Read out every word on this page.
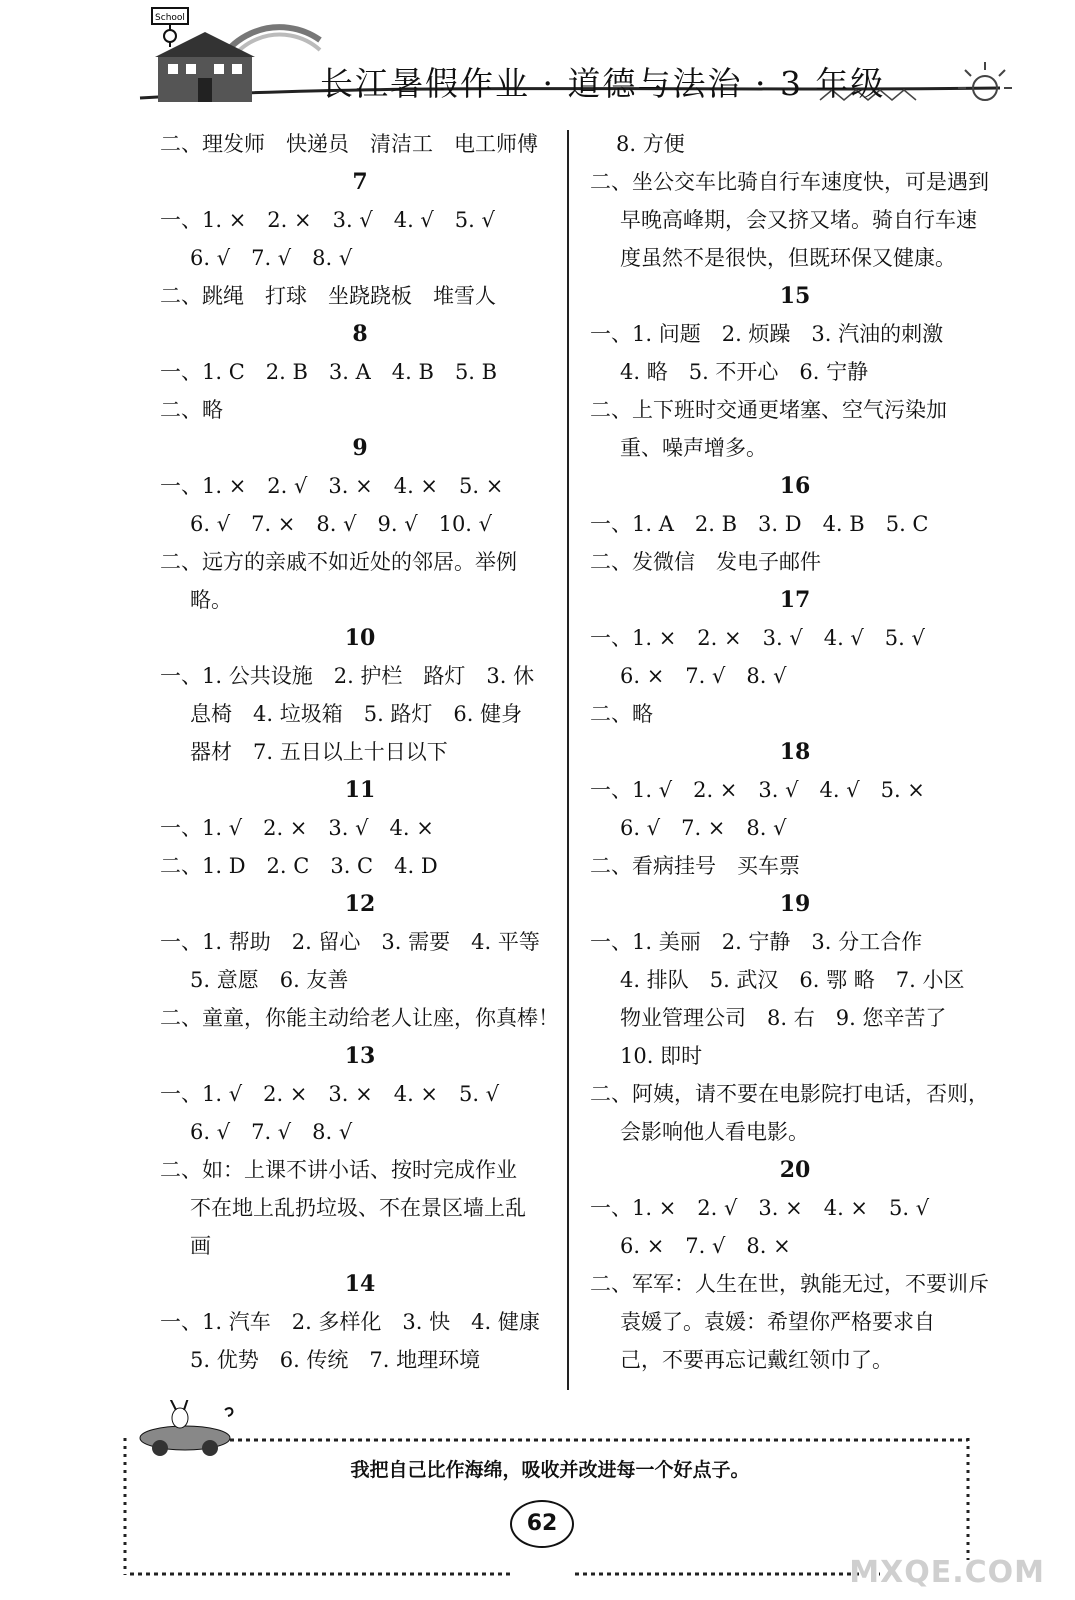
School
长江暑假作业 · 道德与法治 · 3 年级
二、理发师　快递员　清洁工　电工师傅
7
一、1. ×　2. ×　3. √　4. √　5. √
6. √　7. √　8. √
二、跳绳　打球　坐跷跷板　堆雪人
8
一、1. C　2. B　3. A　4. B　5. B
二、略
9
一、1. ×　2. √　3. ×　4. ×　5. ×
6. √　7. ×　8. √　9. √　10. √
二、远方的亲戚不如近处的邻居。举例
略。
10
一、1. 公共设施　2. 护栏　路灯　3. 休
息椅　4. 垃圾箱　5. 路灯　6. 健身
器材　7. 五日以上十日以下
11
一、1. √　2. ×　3. √　4. ×
二、1. D　2. C　3. C　4. D
12
一、1. 帮助　2. 留心　3. 需要　4. 平等
5. 意愿　6. 友善
二、童童，你能主动给老人让座，你真棒！
13
一、1. √　2. ×　3. ×　4. ×　5. √
6. √　7. √　8. √
二、如：上课不讲小话、按时完成作业
不在地上乱扔垃圾、不在景区墙上乱
画
14
一、1. 汽车　2. 多样化　3. 快　4. 健康
5. 优势　6. 传统　7. 地理环境
8. 方便
二、坐公交车比骑自行车速度快，可是遇到
早晚高峰期，会又挤又堵。骑自行车速
度虽然不是很快，但既环保又健康。
15
一、1. 问题　2. 烦躁　3. 汽油的刺激
4. 略　5. 不开心　6. 宁静
二、上下班时交通更堵塞、空气污染加
重、噪声增多。
16
一、1. A　2. B　3. D　4. B　5. C
二、发微信　发电子邮件
17
一、1. ×　2. ×　3. √　4. √　5. √
6. ×　7. √　8. √
二、略
18
一、1. √　2. ×　3. √　4. √　5. ×
6. √　7. ×　8. √
二、看病挂号　买车票
19
一、1. 美丽　2. 宁静　3. 分工合作
4. 排队　5. 武汉　6. 鄂 略　7. 小区
物业管理公司　8. 右　9. 您辛苦了
10. 即时
二、阿姨，请不要在电影院打电话，否则，
会影响他人看电影。
20
一、1. ×　2. √　3. ×　4. ×　5. √
6. ×　7. √　8. ×
二、军军：人生在世，孰能无过，不要训斥
袁媛了。袁媛：希望你严格要求自
己，不要再忘记戴红领巾了。
我把自己比作海绵，吸收并改进每一个好点子。
62
MXQE.COM
